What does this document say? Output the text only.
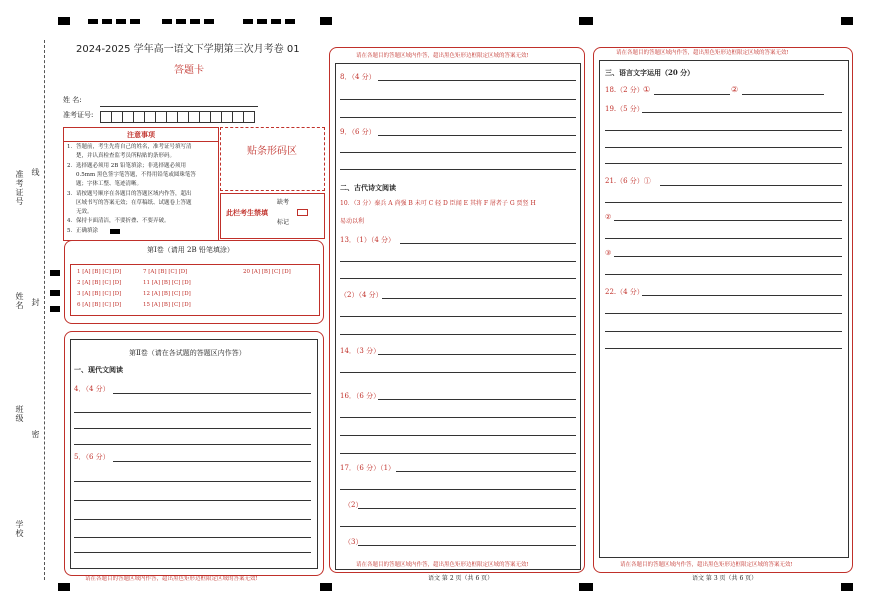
准考证号 线
姓名 封
班级
密
学校
2024-2025 学年高一语文下学期第三次月考卷 01
答题卡
姓 名:
准考证号:
注意事项
1．答题前，考生先将自己的姓名，准考证号填写清
楚，并认真检查监考员所粘贴的条形码。
2．选择题必须用 2B 铅笔填涂；非选择题必须用
0.5mm 黑色签字笔答题，不得用铅笔或圆珠笔答
题；字体工整、笔迹清晰。
3．请按题号顺序在各题目的答题区域内作答，超出
区域书写的答案无效；在草稿纸、试题卷上答题
无效。
4．保持卡面清洁，不要折叠、不要弄破。
5．正确填涂
贴条形码区
此栏考生禁填
缺考
标记
第Ⅰ卷（请用 2B 铅笔填涂）
1 [A] [B] [C] [D]
2 [A] [B] [C] [D]
3 [A] [B] [C] [D]
6 [A] [B] [C] [D]
7 [A] [B] [C] [D]
11 [A] [B] [C] [D]
12 [A] [B] [C] [D]
15 [A] [B] [C] [D]
20 [A] [B] [C] [D]
第Ⅱ卷（请在各试题的答题区内作答）
一、现代文阅读
4．（4 分）
5．（6 分）
请在各题目的答题区域内作答，超出黑色矩形边框限定区域的答案无效!
请在各题目的答题区域内作答，超出黑色矩形边框限定区域的答案无效!
8．（4 分）
9．（6 分）
二、古代诗文阅读
10．（3 分）秦兵 A 尚强 B 未可 C 轻 D 臣闻 E 其将 F 屠者子 G 贾竖 H
易动以利
13．（1）（4 分）
（2）（4 分）
14．（3 分）
16．（6 分）
17．（6 分）（1）
（2）
（3）
请在各题目的答题区域内作答，超出黑色矩形边框限定区域的答案无效!
语文 第 2 页（共 6 页）
请在各题目的答题区域内作答，超出黑色矩形边框限定区域的答案无效!
三、语言文字运用（20 分）
18.（2 分） ①	②
19.（5 分）
21.（6 分）①
②
③
22.（4 分）
请在各题目的答题区域内作答，超出黑色矩形边框限定区域的答案无效!
语文 第 3 页（共 6 页）
